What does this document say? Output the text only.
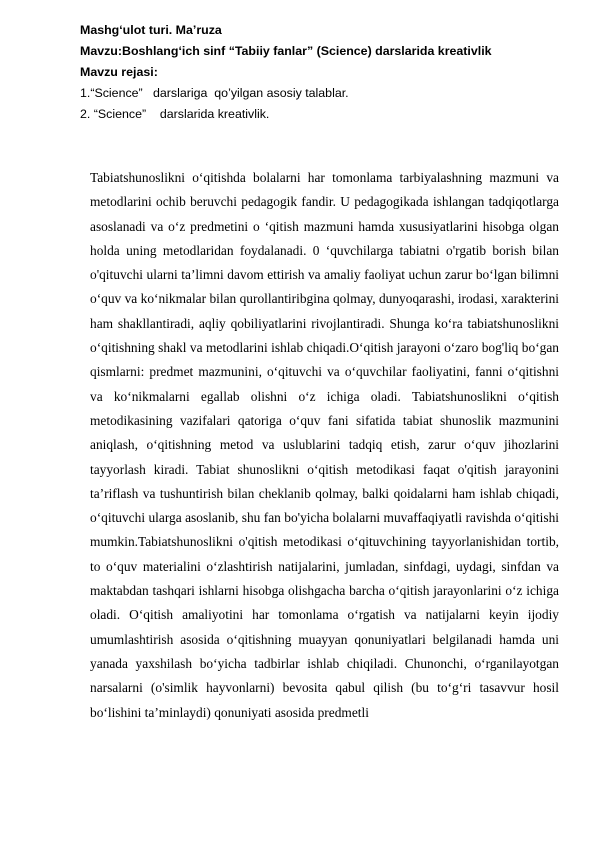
Mashg‘ulot turi. Ma’ruza
Mavzu:Boshlang‘ich sinf “Tabiiy fanlar” (Science) darslarida kreativlik
Mavzu rejasi:
1.“Science”   darslariga  qo’yilgan asosiy talablar.
2. “Science”    darslarida kreativlik.
Tabiatshunoslikni o‘qitishda bolalarni har tomonlama tarbiyalashning mazmuni va metodlarini ochib beruvchi pedagogik fandir. U pedagogikada ishlangan tadqiqotlarga asoslanadi va o‘z predmetini o ‘qitish mazmuni hamda xususiyatlarini hisobga olgan holda uning metodlaridan foydalanadi. 0 ‘quvchilarga tabiatni o'rgatib borish bilan o'qituvchi ularni ta’limni davom ettirish va amaliy faoliyat uchun zarur bo‘lgan bilimni o‘quv va ko‘nikmalar bilan qurollantiribgina qolmay, dunyoqarashi, irodasi, xarakterini ham shakllantiradi, aqliy qobiliyatlarini rivojlantiradi. Shunga ko‘ra tabiatshunoslikni o‘qitishning shakl va metodlarini ishlab chiqadi.O‘qitish jarayoni o‘zaro bog'liq bo‘gan qismlarni: predmet mazmunini, o‘qituvchi va o‘quvchilar faoliyatini, fanni o‘qitishni va ko‘nikmalarni egallab olishni o‘z ichiga oladi. Tabiatshunoslikni o‘qitish metodikasining vazifalari qatoriga o‘quv fani sifatida tabiat shunoslik mazmunini aniqlash, o‘qitishning metod va uslublarini tadqiq etish, zarur o‘quv jihozlarini tayyorlash kiradi. Tabiat shunoslikni o‘qitish metodikasi faqat o'qitish jarayonini ta’riflash va tushuntirish bilan cheklanib qolmay, balki qoidalarni ham ishlab chiqadi, o‘qituvchi ularga asoslanib, shu fan bo'yicha bolalarni muvaffaqiyatli ravishda o‘qitishi mumkin.Tabiatshunoslikni o'qitish metodikasi o‘qituvchining tayyorlanishidan tortib, to o‘quv materialini o‘zlashtirish natijalarini, jumladan, sinfdagi, uydagi, sinfdan va maktabdan tashqari ishlarni hisobga olishgacha barcha o‘qitish jarayonlarini o‘z ichiga oladi. O‘qitish amaliyotini har tomonlama o‘rgatish va natijalarni keyin ijodiy umumlashtirish asosida o‘qitishning muayyan qonuniyatlari belgilanadi hamda uni yanada yaxshilash bo‘yicha tadbirlar ishlab chiqiladi. Chunonchi, o‘rganilayotgan narsalarni (o'simlik hayvonlarni) bevosita qabul qilish (bu to‘g‘ri tasavvur hosil bo‘lishini ta’minlaydi) qonuniyati asosida predmetli
